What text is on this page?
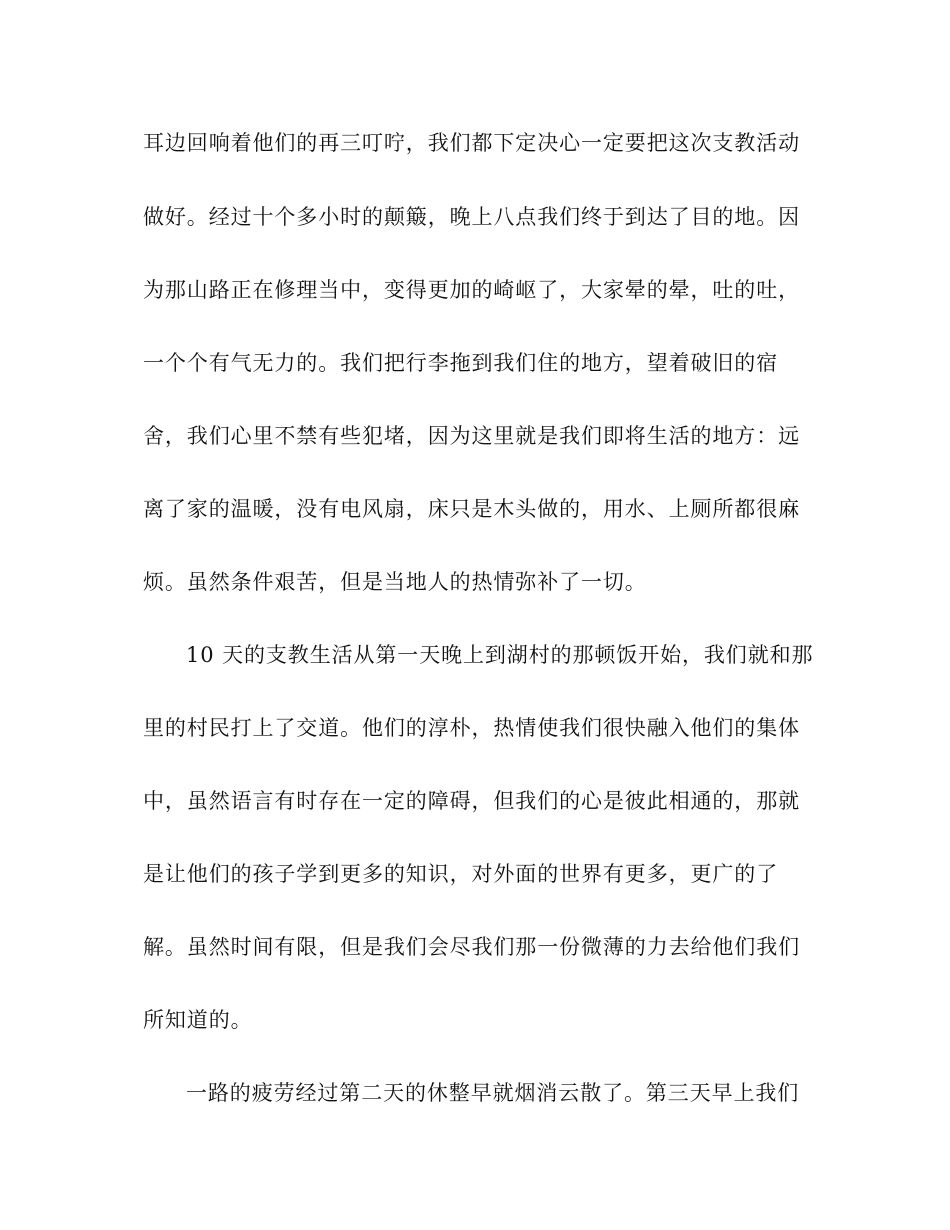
耳边回响着他们的再三叮咛，我们都下定决心一定要把这次支教活动
做好。经过十个多小时的颠簸，晚上八点我们终于到达了目的地。因
为那山路正在修理当中，变得更加的崎岖了，大家晕的晕，吐的吐，
一个个有气无力的。我们把行李拖到我们住的地方，望着破旧的宿
舍，我们心里不禁有些犯堵，因为这里就是我们即将生活的地方：远
离了家的温暖，没有电风扇，床只是木头做的，用水、上厕所都很麻
烦。虽然条件艰苦，但是当地人的热情弥补了一切。
10 天的支教生活从第一天晚上到湖村的那顿饭开始，我们就和那
里的村民打上了交道。他们的淳朴，热情使我们很快融入他们的集体
中，虽然语言有时存在一定的障碍，但我们的心是彼此相通的，那就
是让他们的孩子学到更多的知识，对外面的世界有更多，更广的了
解。虽然时间有限，但是我们会尽我们那一份微薄的力去给他们我们
所知道的。
一路的疲劳经过第二天的休整早就烟消云散了。第三天早上我们
